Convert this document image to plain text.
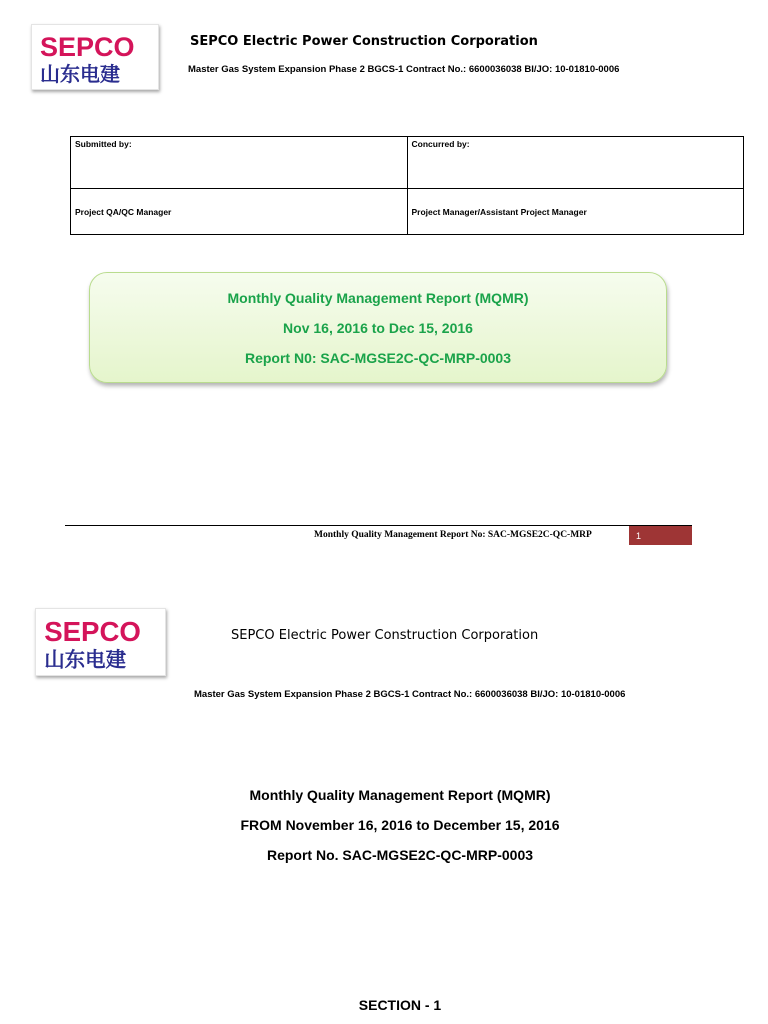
SEPCO
山东电建
SEPCO Electric Power Construction Corporation
Master Gas System Expansion Phase 2 BGCS-1 Contract No.: 6600036038 BI/JO: 10-01810-0006
Submitted by:	Concurred by:
Project QA/QC Manager	Project Manager/Assistant Project Manager
Monthly Quality Management Report (MQMR)
Nov 16, 2016 to Dec 15, 2016
Report N0: SAC-MGSE2C-QC-MRP-0003
Monthly Quality Management Report No: SAC-MGSE2C-QC-MRP	1
SEPCO
山东电建
SEPCO Electric Power Construction Corporation
Master Gas System Expansion Phase 2 BGCS-1 Contract No.: 6600036038 BI/JO: 10-01810-0006
Monthly Quality Management Report (MQMR)
FROM November 16, 2016 to December 15, 2016
Report No. SAC-MGSE2C-QC-MRP-0003
SECTION - 1
